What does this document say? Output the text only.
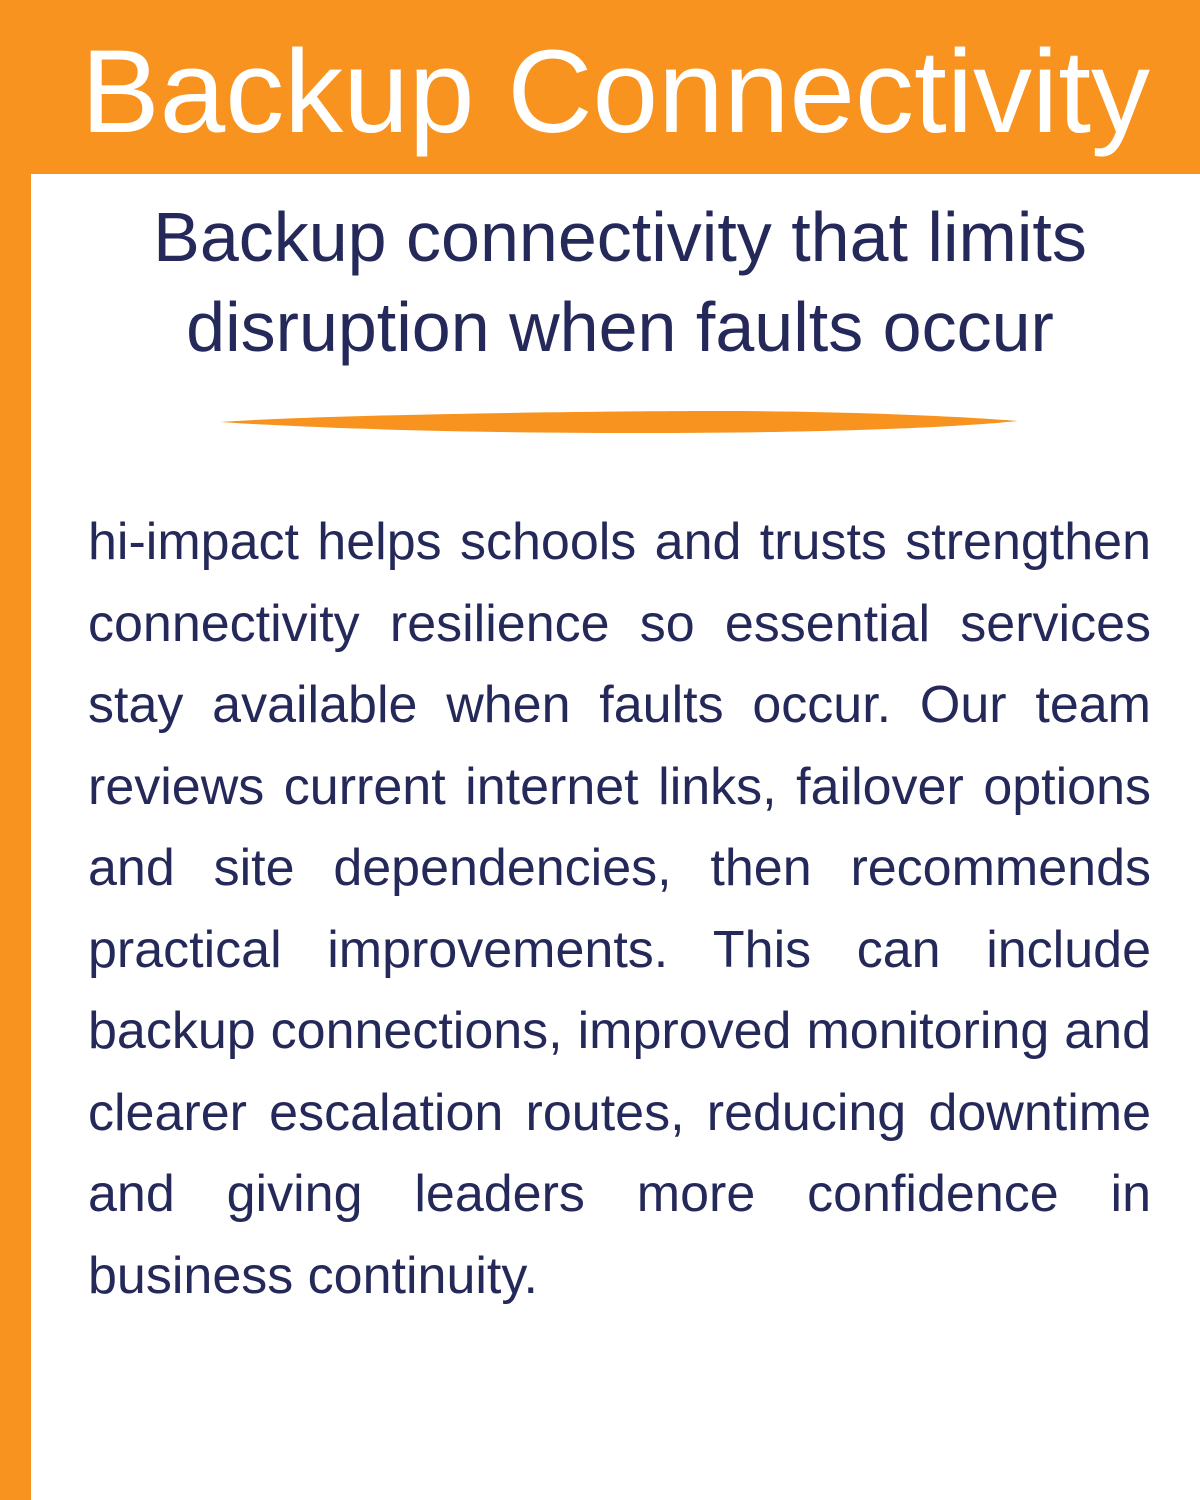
Backup Connectivity
Backup connectivity that limits disruption when faults occur

hi-impact helps schools and trusts strengthen connectivity resilience so essential services stay available when faults occur. Our team reviews current internet links, failover options and site dependencies, then recommends practical improvements. This can include backup connections, improved monitoring and clearer escalation routes, reducing downtime and giving leaders more confidence in business continuity.
